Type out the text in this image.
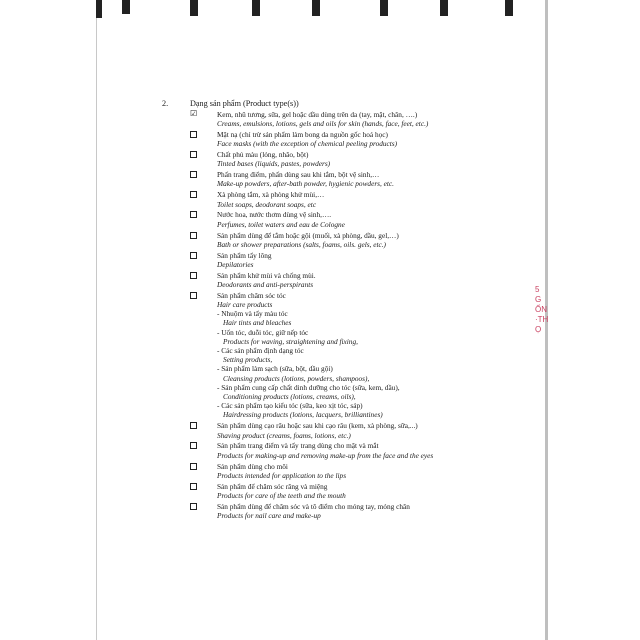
5
G
ỐN
·TH
Ọ
2.	Dạng sản phẩm (Product type(s))
☑	Kem, nhũ tương, sữa, gel hoặc dầu dùng trên da (tay, mặt, chân, ….)
Creams, emulsions, lotions, gels and oils for skin (hands, face, feet, etc.)
Mặt nạ (chỉ trừ sản phẩm làm bong da nguồn gốc hoá học)
Face masks (with the exception of chemical peeling products)
Chất phủ màu (lỏng, nhão, bột)
Tinted bases (liquids, pastes, powders)
Phấn trang điểm, phấn dùng sau khi tắm, bột vệ sinh,…
Make-up powders, after-bath powder, hygienic powders, etc.
Xà phòng tắm, xà phòng khử mùi,…
Toilet soaps, deodorant soaps, etc
Nước hoa, nước thơm dùng vệ sinh,….
Perfumes, toilet waters and eau de Cologne
Sản phẩm dùng để tắm hoặc gội (muối, xà phòng, dầu, gel,…)
Bath or shower preparations (salts, foams, oils. gels, etc.)
Sản phẩm tẩy lông
Depilatories
Sản phẩm khử mùi và chống mùi.
Deodorants and anti-perspirants
Sản phẩm chăm sóc tóc
Hair care products
- Nhuộm và tẩy màu tóc
Hair tints and bleaches
- Uốn tóc, duỗi tóc, giữ nếp tóc
Products for waving, straightening and fixing,
- Các sản phẩm định dạng tóc
Setting products,
- Sản phẩm làm sạch (sữa, bột, dầu gội)
Cleansing products (lotions, powders, shampoos),
- Sản phẩm cung cấp chất dinh dưỡng cho tóc (sữa, kem, dầu),
Conditioning products (lotions, creams, oils),
- Các sản phẩm tạo kiểu tóc (sữa, keo xịt tóc, sáp)
Hairdressing products (lotions, lacquers, brilliantines)
Sản phẩm dùng cạo râu hoặc sau khi cạo râu (kem, xà phòng, sữa,...)
Shaving product (creams, foams, lotions, etc.)
Sản phẩm trang điểm và tẩy trang dùng cho mặt và mắt
Products for making-up and removing make-up from the face and the eyes
Sản phẩm dùng cho môi
Products intended for application to the lips
Sản phẩm để chăm sóc răng và miệng
Products for care of the teeth and the mouth
Sản phẩm dùng để chăm sóc và tô điểm cho móng tay, móng chân
Products for nail care and make-up
